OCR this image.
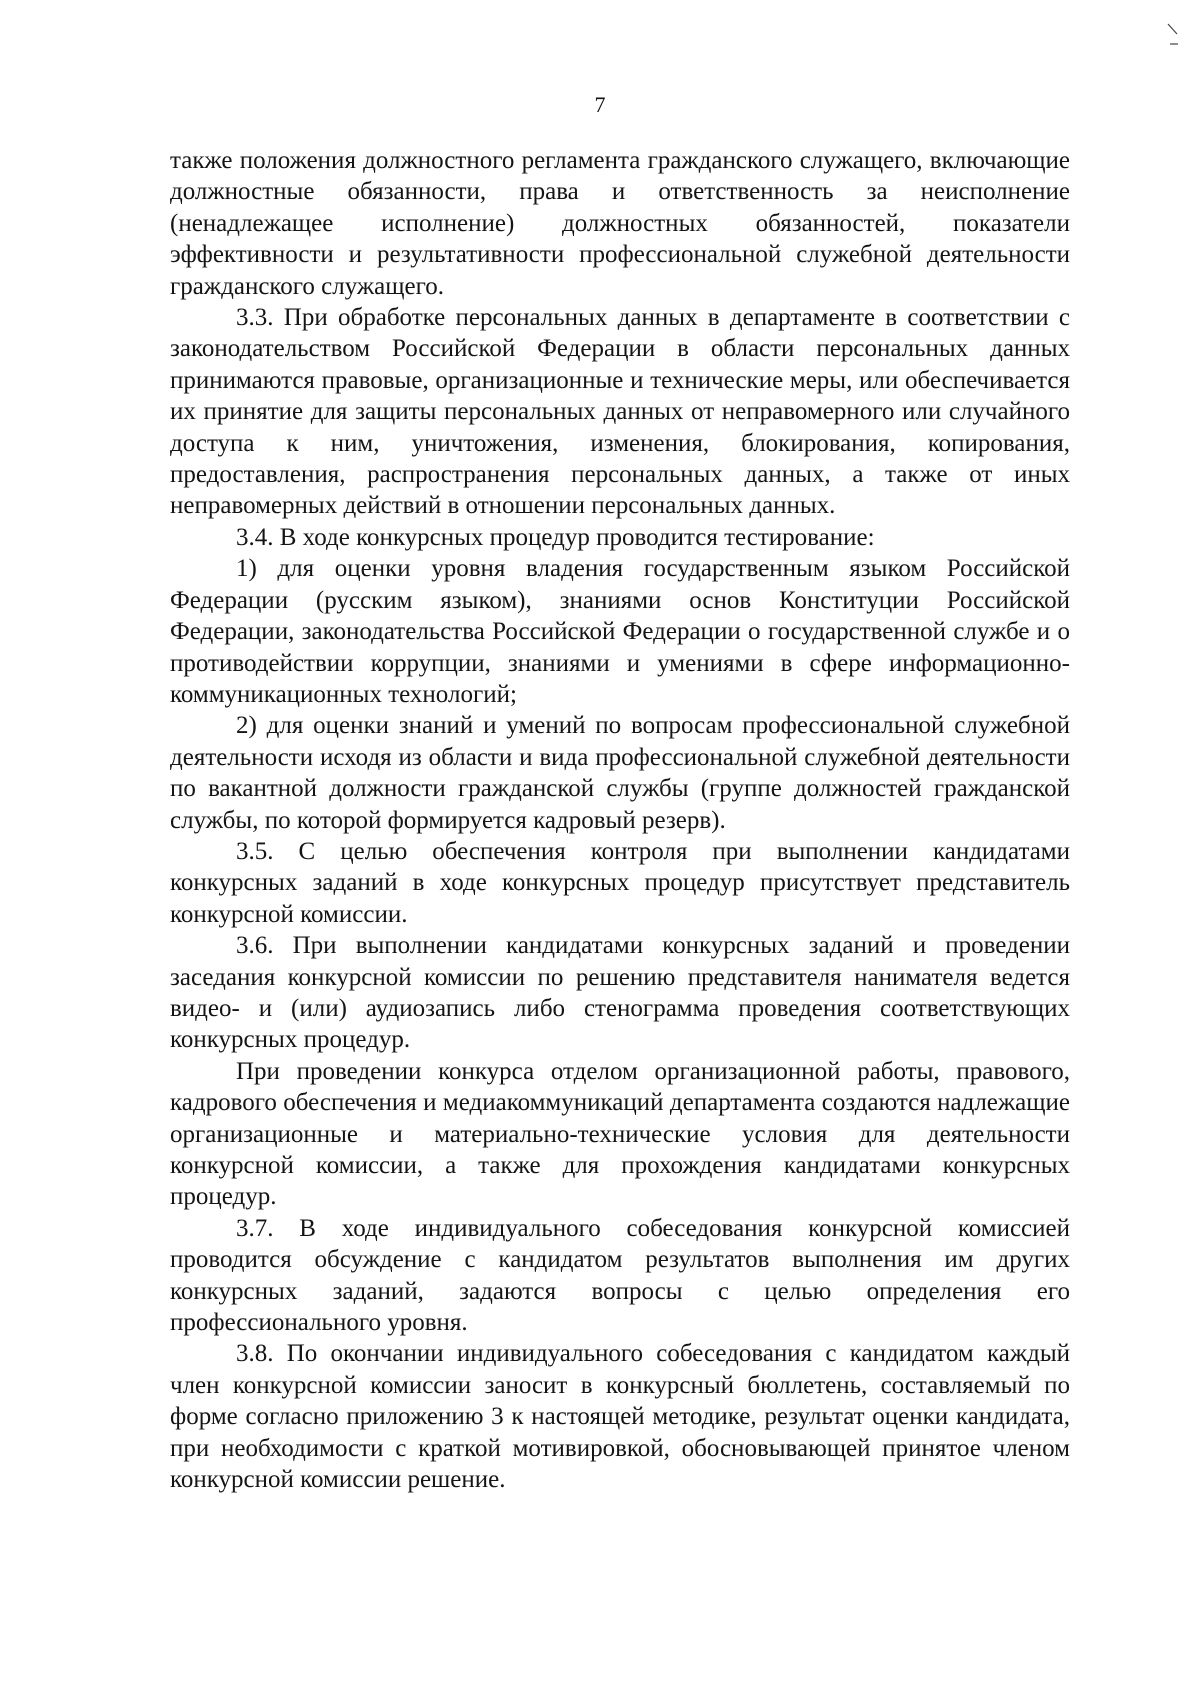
7

также положения должностного регламента гражданского служащего, включающие должностные обязанности, права и ответственность за неисполнение (ненадлежащее исполнение) должностных обязанностей, показатели эффективности и результативности профессиональной служебной деятельности гражданского служащего.

3.3. При обработке персональных данных в департаменте в соответствии с законодательством Российской Федерации в области персональных данных принимаются правовые, организационные и технические меры, или обеспечивается их принятие для защиты персональных данных от неправомерного или случайного доступа к ним, уничтожения, изменения, блокирования, копирования, предоставления, распространения персональных данных, а также от иных неправомерных действий в отношении персональных данных.

3.4. В ходе конкурсных процедур проводится тестирование:

1) для оценки уровня владения государственным языком Российской Федерации (русским языком), знаниями основ Конституции Российской Федерации, законодательства Российской Федерации о государственной службе и о противодействии коррупции, знаниями и умениями в сфере информационно-коммуникационных технологий;

2) для оценки знаний и умений по вопросам профессиональной служебной деятельности исходя из области и вида профессиональной служебной деятельности по вакантной должности гражданской службы (группе должностей гражданской службы, по которой формируется кадровый резерв).

3.5. С целью обеспечения контроля при выполнении кандидатами конкурсных заданий в ходе конкурсных процедур присутствует представитель конкурсной комиссии.

3.6. При выполнении кандидатами конкурсных заданий и проведении заседания конкурсной комиссии по решению представителя нанимателя ведется видео- и (или) аудиозапись либо стенограмма проведения соответствующих конкурсных процедур.

При проведении конкурса отделом организационной работы, правового, кадрового обеспечения и медиакоммуникаций департамента создаются надлежащие организационные и материально-технические условия для деятельности конкурсной комиссии, а также для прохождения кандидатами конкурсных процедур.

3.7. В ходе индивидуального собеседования конкурсной комиссией проводится обсуждение с кандидатом результатов выполнения им других конкурсных заданий, задаются вопросы с целью определения его профессионального уровня.

3.8. По окончании индивидуального собеседования с кандидатом каждый член конкурсной комиссии заносит в конкурсный бюллетень, составляемый по форме согласно приложению 3 к настоящей методике, результат оценки кандидата, при необходимости с краткой мотивировкой, обосновывающей принятое членом конкурсной комиссии решение.
